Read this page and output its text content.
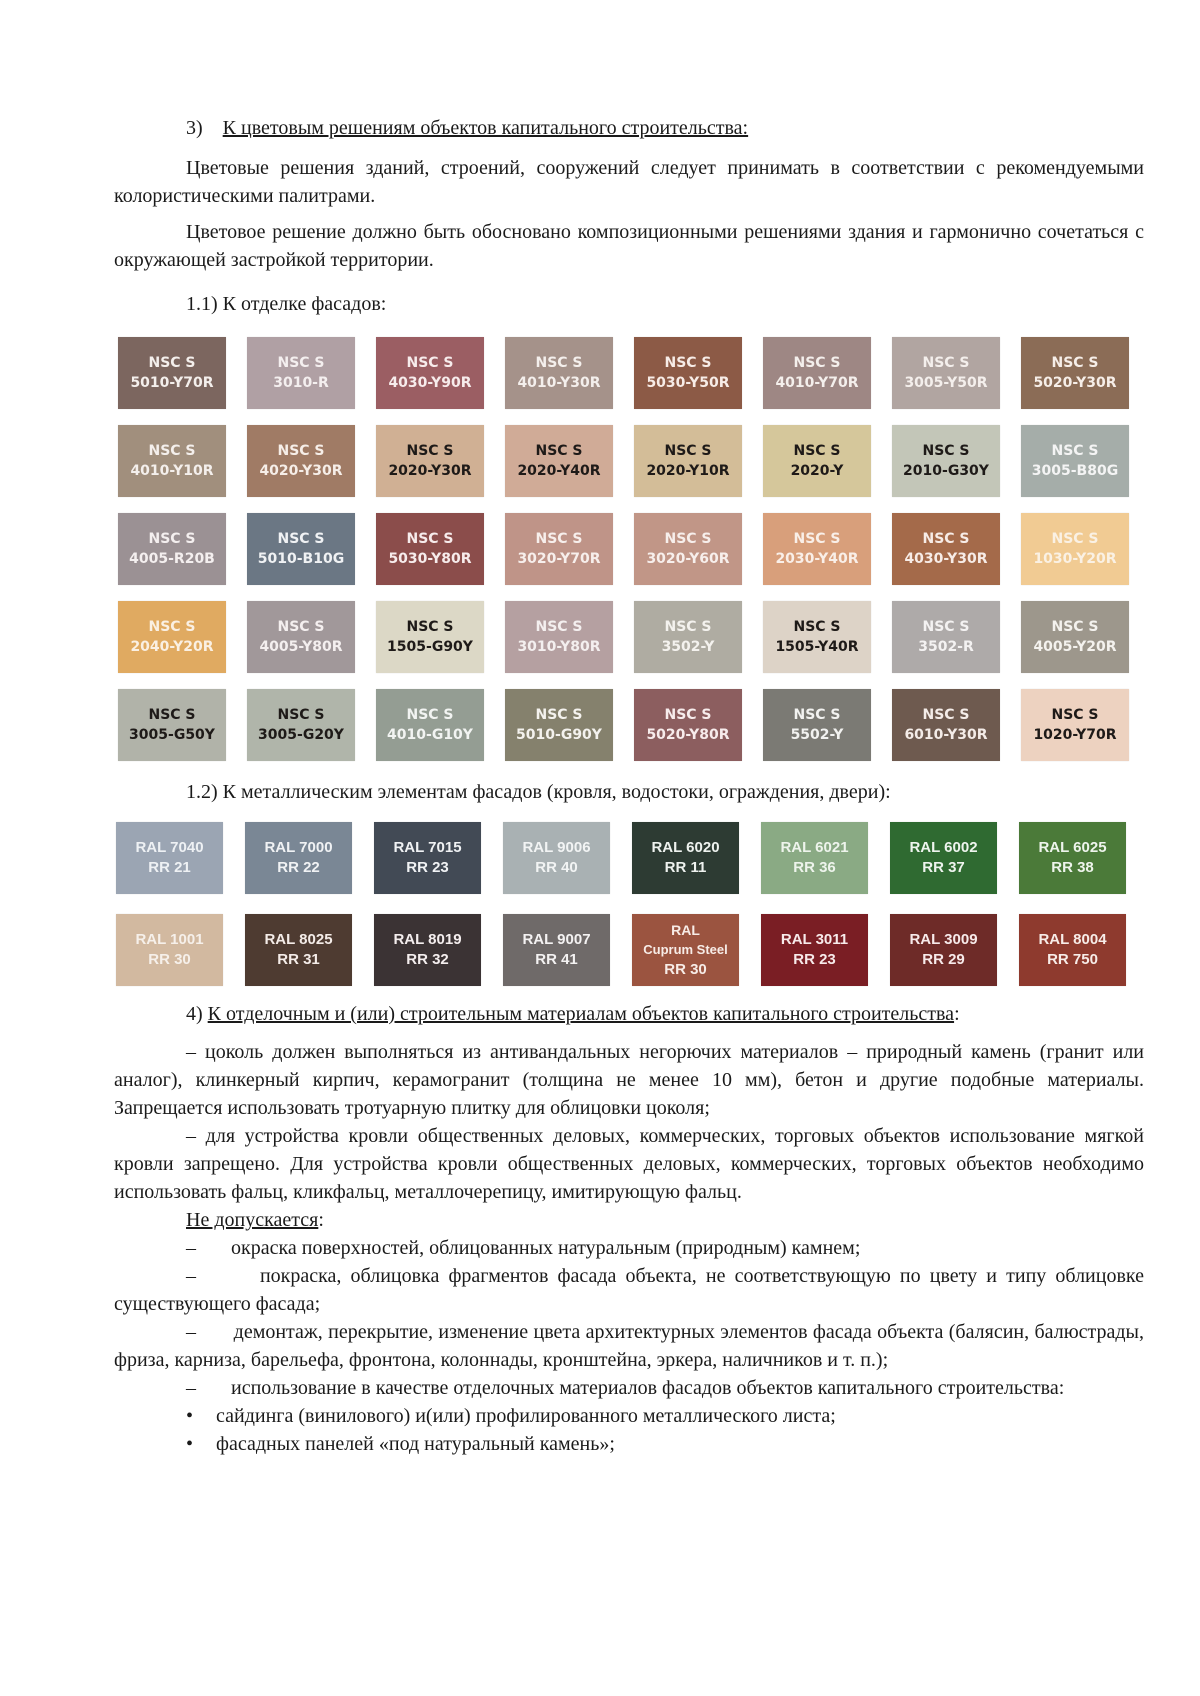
3) К цветовым решениям объектов капитального строительства:

Цветовые решения зданий, строений, сооружений следует принимать в соответствии с рекомендуемыми колористическими палитрами.

Цветовое решение должно быть обосновано композиционными решениями здания и гармонично сочетаться с окружающей застройкой территории.

1.1) К отделке фасадов:
NSC S
5010-Y70R
NSC S
3010-R
NSC S
4030-Y90R
NSC S
4010-Y30R
NSC S
5030-Y50R
NSC S
4010-Y70R
NSC S
3005-Y50R
NSC S
5020-Y30R
NSC S
4010-Y10R
NSC S
4020-Y30R
NSC S
2020-Y30R
NSC S
2020-Y40R
NSC S
2020-Y10R
NSC S
2020-Y
NSC S
2010-G30Y
NSC S
3005-B80G
NSC S
4005-R20B
NSC S
5010-B10G
NSC S
5030-Y80R
NSC S
3020-Y70R
NSC S
3020-Y60R
NSC S
2030-Y40R
NSC S
4030-Y30R
NSC S
1030-Y20R
NSC S
2040-Y20R
NSC S
4005-Y80R
NSC S
1505-G90Y
NSC S
3010-Y80R
NSC S
3502-Y
NSC S
1505-Y40R
NSC S
3502-R
NSC S
4005-Y20R
NSC S
3005-G50Y
NSC S
3005-G20Y
NSC S
4010-G10Y
NSC S
5010-G90Y
NSC S
5020-Y80R
NSC S
5502-Y
NSC S
6010-Y30R
NSC S
1020-Y70R
1.2) К металлическим элементам фасадов (кровля, водостоки, ограждения, двери):
RAL 7040
RR 21
RAL 7000
RR 22
RAL 7015
RR 23
RAL 9006
RR 40
RAL 6020
RR 11
RAL 6021
RR 36
RAL 6002
RR 37
RAL 6025
RR 38
RAL 1001
RR 30
RAL 8025
RR 31
RAL 8019
RR 32
RAL 9007
RR 41
RAL
Cuprum Steel
RR 30
RAL 3011
RR 23
RAL 3009
RR 29
RAL 8004
RR 750
4) К отделочным и (или) строительным материалам объектов капитального строительства:

– цоколь должен выполняться из антивандальных негорючих материалов – природный камень (гранит или аналог), клинкерный кирпич, керамогранит (толщина не менее 10 мм), бетон и другие подобные материалы. Запрещается использовать тротуарную плитку для облицовки цоколя;

– для устройства кровли общественных деловых, коммерческих, торговых объектов использование мягкой кровли запрещено. Для устройства кровли общественных деловых, коммерческих, торговых объектов необходимо использовать фальц, кликфальц, металлочерепицу, имитирующую фальц.

Не допускается:

– окраска поверхностей, облицованных натуральным (природным) камнем;

–	покраска, облицовка фрагментов фасада объекта, не соответствующую по цвету и типу облицовке существующего фасада;

– демонтаж, перекрытие, изменение цвета архитектурных элементов фасада объекта (балясин, балюстрады, фриза, карниза, барельефа, фронтона, колоннады, кронштейна, эркера, наличников и т. п.);

– использование в качестве отделочных материалов фасадов объектов капитального строительства:

• сайдинга (винилового) и(или) профилированного металлического листа;
• фасадных панелей «под натуральный камень»;
